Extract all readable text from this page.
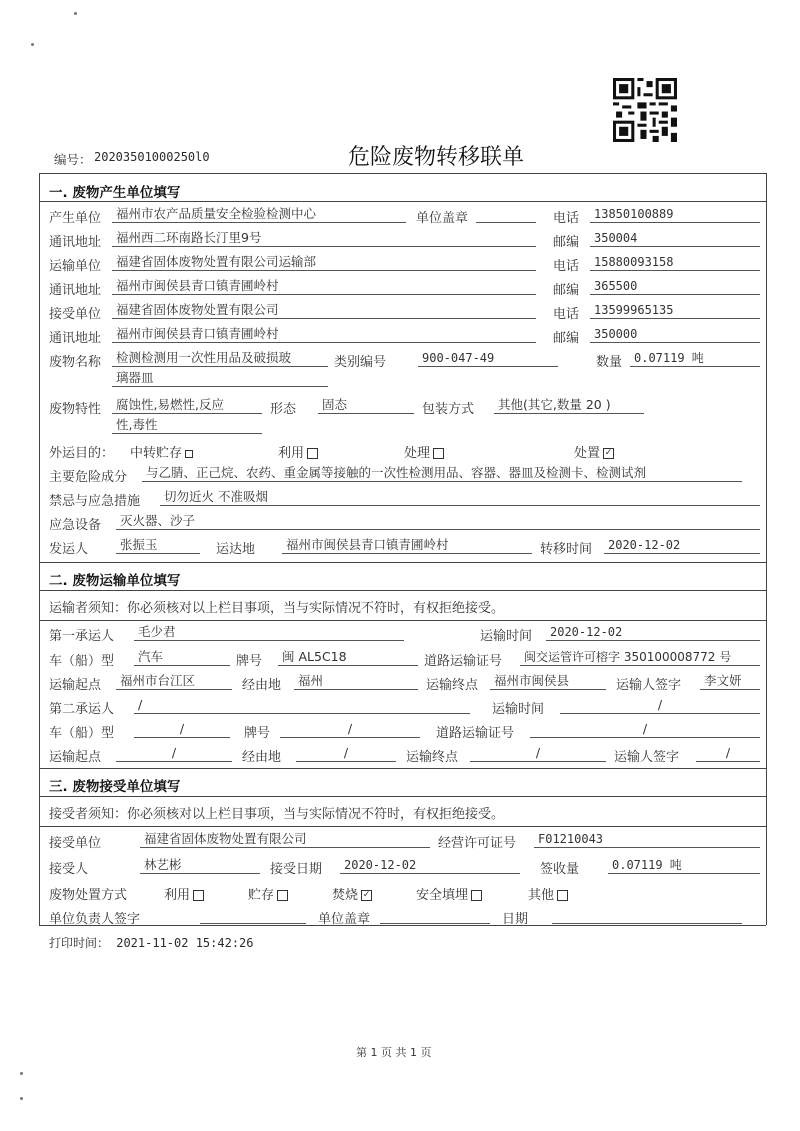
编号： 20203501000250l0	危险废物转移联单
一. 废物产生单位填写
产生单位	福州市农产品质量安全检验检测中心	单位盖章	电话	13850100889
通讯地址	福州西二环南路长汀里9号	邮编	350004
运输单位	福建省固体废物处置有限公司运输部	电话	15880093158
通讯地址	福州市闽侯县青口镇青圃岭村	邮编	365500
接受单位	福建省固体废物处置有限公司	电话	13599965135
通讯地址	福州市闽侯县青口镇青圃岭村	邮编	350000
废物名称	检测检测用一次性用品及破损玻
璃器皿
类别编号	900-047-49	数量 0.07119 吨
废物特性	腐蚀性,易燃性,反应
性,毒性
形态	固态	包装方式	其他(其它,数量 20 )
外运目的： 中转贮存	利用	处理	处置 ✓
主要危险成分	与乙腈、正己烷、农药、重金属等接触的一次性检测用品、容器、器皿及检测卡、检测试剂
禁忌与应急措施	切勿近火 不准吸烟
应急设备	灭火器、沙子
发运人	张振玉	运达地	福州市闽侯县青口镇青圃岭村	转移时间	2020-12-02
二. 废物运输单位填写
运输者须知：你必须核对以上栏目事项，当与实际情况不符时，有权拒绝接受。
第一承运人	毛少君	运输时间	2020-12-02
车（船）型	汽车	牌号	闽 AL5C18	道路运输证号	闽交运管许可榕字 350100008772 号
运输起点	福州市台江区	经由地	福州	运输终点	福州市闽侯县	运输人签字	李文妍
第二承运人	/	运输时间	/
车（船）型	/	牌号	/	道路运输证号	/
运输起点	/	经由地	/	运输终点	/	运输人签字	/
三. 废物接受单位填写
接受者须知：你必须核对以上栏目事项，当与实际情况不符时，有权拒绝接受。
接受单位	福建省固体废物处置有限公司	经营许可证号	F01210043
接受人	林艺彬	接受日期	2020-12-02	签收量	0.07119 吨
废物处置方式	利用	贮存	焚烧 ✓	安全填埋	其他
单位负责人签字	单位盖章	日期
打印时间： 2021-11-02 15:42:26
第 1 页 共 1 页
